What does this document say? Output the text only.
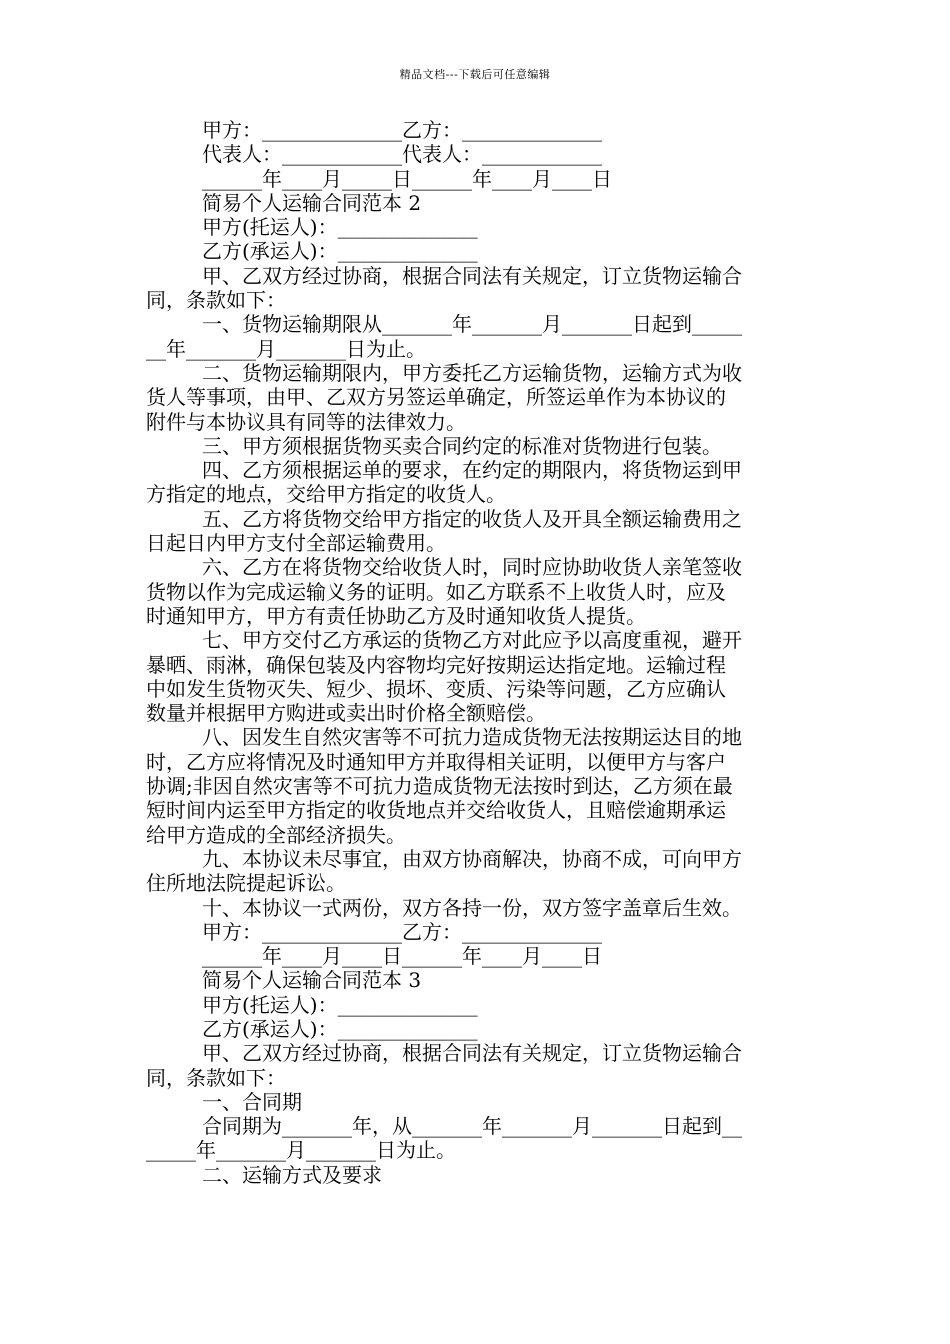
精品文档---下载后可任意编辑
甲方：______________乙方：______________
代表人：____________代表人：____________
______年____月_____日______年____月____日
简易个人运输合同范本 2
甲方(托运人)：______________
乙方(承运人)：______________
甲、乙双方经过协商，根据合同法有关规定，订立货物运输合
同，条款如下：
一、货物运输期限从_______年_______月_______日起到_____
__年_______月_______日为止。
二、货物运输期限内，甲方委托乙方运输货物，运输方式为收
货人等事项，由甲、乙双方另签运单确定，所签运单作为本协议的
附件与本协议具有同等的法律效力。
三、甲方须根据货物买卖合同约定的标准对货物进行包装。
四、乙方须根据运单的要求，在约定的期限内，将货物运到甲
方指定的地点，交给甲方指定的收货人。
五、乙方将货物交给甲方指定的收货人及开具全额运输费用之
日起日内甲方支付全部运输费用。
六、乙方在将货物交给收货人时，同时应协助收货人亲笔签收
货物以作为完成运输义务的证明。如乙方联系不上收货人时，应及
时通知甲方，甲方有责任协助乙方及时通知收货人提货。
七、甲方交付乙方承运的货物乙方对此应予以高度重视，避开
暴晒、雨淋，确保包装及内容物均完好按期运达指定地。运输过程
中如发生货物灭失、短少、损坏、变质、污染等问题，乙方应确认
数量并根据甲方购进或卖出时价格全额赔偿。
八、因发生自然灾害等不可抗力造成货物无法按期运达目的地
时，乙方应将情况及时通知甲方并取得相关证明，以便甲方与客户
协调;非因自然灾害等不可抗力造成货物无法按时到达，乙方须在最
短时间内运至甲方指定的收货地点并交给收货人，且赔偿逾期承运
给甲方造成的全部经济损失。
九、本协议未尽事宜，由双方协商解决，协商不成，可向甲方
住所地法院提起诉讼。
十、本协议一式两份，双方各持一份，双方签字盖章后生效。
甲方：______________乙方：______________
______年____月____日______年____月____日
简易个人运输合同范本 3
甲方(托运人)：______________
乙方(承运人)：______________
甲、乙双方经过协商，根据合同法有关规定，订立货物运输合
同，条款如下：
一、合同期
合同期为_______年，从_______年_______月_______日起到__
_____年_______月_______日为止。
二、运输方式及要求
